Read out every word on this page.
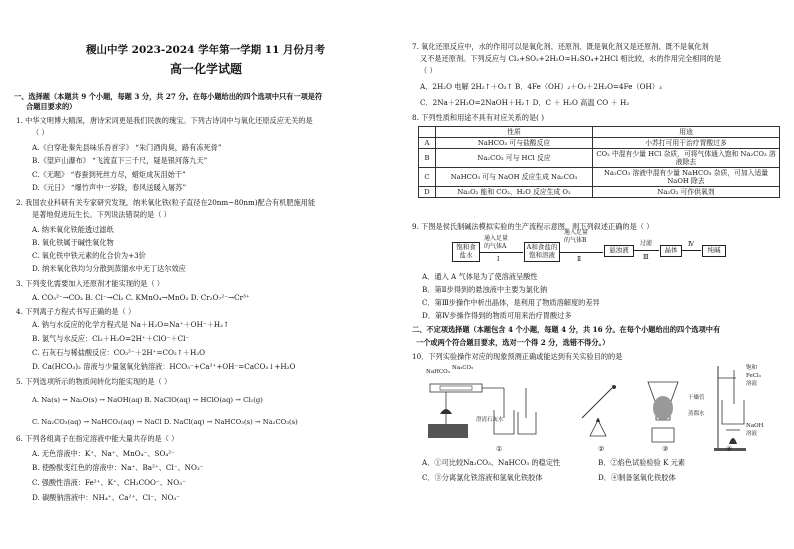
稷山中学 2023-2024 学年第一学期 11 月份月考
高一化学试题
一、选择题（本题共 9 个小题，每题 3 分，共 27 分。在每小题给出的四个选项中只有一项是符
合题目要求的）
1. 中华文明博大精深，唐诗宋词更是我们民族的瑰宝。下列古诗词中与氧化还原反应无关的是
（ ）
A.《白穿赴秦先县味乐吾首字》 “朱门酒肉臭，路有冻死骨”
B.《望庐山瀑布》 “飞流直下三千尺，疑是银河落九天”
C.《无题》 “春蚕到死丝方尽，蜡炬成灰泪始干”
D.《元日》 “爆竹声中一岁除，春风送暖入屠苏”
2. 我国农业科研有关专家研究发现，纳米氧化铁(粒子直径在20nm~80nm)配合有机肥施用能
是著地促进玩生长。下列说法错误的是（ ）
A. 纳米氧化铁能透过滤纸
B. 氧化铁属于碱性氧化物
C. 氧化铁中铁元素的化合价为+3价
D. 纳米氧化铁均匀分散到蒸馏水中无丁达尔效应
3. 下列变化需要加入还原剂才能实现的是（ ）
A. CO₃²⁻→CO₂ B. Cl⁻→Cl₂ C. KMnO₄→MnO₂ D. Cr₂O₇²⁻→Cr³⁺
4. 下列离子方程式书写正确的是（ ）
A. 钠与水反应的化学方程式是 Na＋H₂O=Na⁺＋OH⁻＋H₂↑
B. 氯气与水反应：Cl₂＋H₂O=2H⁺＋ClO⁻＋Cl⁻
C. 石灰石与稀盐酸反应：CO₃²⁻＋2H⁺=CO₂↑＋H₂O
D. Ca(HCO₃)₂ 溶液与少量氢氧化钠溶液：HCO₃⁻+Ca²⁺+OH⁻=CaCO₃↓+H₂O
5. 下列选项所示的物质间转化均能实现的是（ ）
A. Na(s) → Na₂O(s) → NaOH(aq) B. NaClO(aq) → HClO(aq) → Cl₂(g)
C. Na₂CO₃(aq) → NaHCO₃(aq) → NaCl D. NaCl(aq) → NaHCO₃(s) → Na₂CO₃(s)
6. 下列各组离子在指定溶液中能大量共存的是（ ）
A. 无色溶液中：K⁺、Na⁺、MnO₄⁻、SO₄²⁻
B. 使酚酞变红色的溶液中：Na⁺、Ba²⁺、Cl⁻、NO₃⁻
C. 强酸性溶液：Fe²⁺、K⁺、CH₃COO⁻、NO₃⁻
D. 碳酸钠溶液中：NH₄⁺、Ca²⁺、Cl⁻、NO₃⁻
7. 氧化还原反应中，水的作用可以是氧化剂、还原剂、既是氧化剂又是还原剂、既不是氧化剂
又不是还原剂。下列反应与 Cl₂+SO₂+2H₂O=H₂SO₄+2HCl 相比较，水的作用完全相同的是
（ ）
A．2H₂O 电解 2H₂↑＋O₂↑ B．4Fe（OH）₂＋O₂＋2H₂O=4Fe（OH）₃
C．2Na＋2H₂O=2NaOH＋H₂↑ D．C ＋ H₂O 高温 CO ＋ H₂
8. 下列性质和用途不具有对应关系的是( )
	性质	用途
A	NaHCO₃ 可与盐酸反应	小苏打可用于治疗胃酸过多
B	Na₂CO₃ 可与 HCl 反应	CO₂ 中混有少量 HCl 杂质，可将气体通入饱和 Na₂CO₃ 溶液除去
C	NaHCO₃ 可与 NaOH 反应生成 Na₂CO₃	Na₂CO₃ 溶液中混有少量 NaHCO₃ 杂质，可加入适量 NaOH 除去
D	Na₂O₂ 能和 CO₂、H₂O 反应生成 O₂	Na₂O₂ 可作供氧剂
9. 下图是侯氏制碱法模拟实验的生产流程示意图，则下列叙述正确的是（ ）
饱和食 盐水
通入足量
的气体A
Ⅰ
A和食盐的 饱和溶液
通入足量
的气体B
Ⅱ
悬浊液
过滤
Ⅲ
晶体
Ⅳ
纯碱
A．通入 A 气体是为了使溶液呈酸性
B．第Ⅱ步得到的悬浊液中主要为氯化钠
C．第Ⅲ步操作中析出晶体，是利用了物质溶解度的差异
D．第Ⅳ步操作得到的物质可用来治疗胃酸过多
二、不定项选择题（本题包含 4 个小题，每题 4 分，共 16 分。在每个小题给出的四个选项中有
一个或两个符合题目要求，选对一个得 2 分，选错不得分。）
10．下列实验操作对应的现象预测正确或能达到有关实验目的的是
NaHCO₃
Na₂CO₃
澄清石灰水
干燥管
蒸馏水
饱和
FeCl₃
溶液
NaOH
溶液
①	②	③	④
A．①可比较Na₂CO₃、NaHCO₃ 的稳定性	B．②焰色试验检验 K 元素
C．③分离氯化铁溶液和氢氧化铁胶体	D．④制备氢氧化铁胶体
